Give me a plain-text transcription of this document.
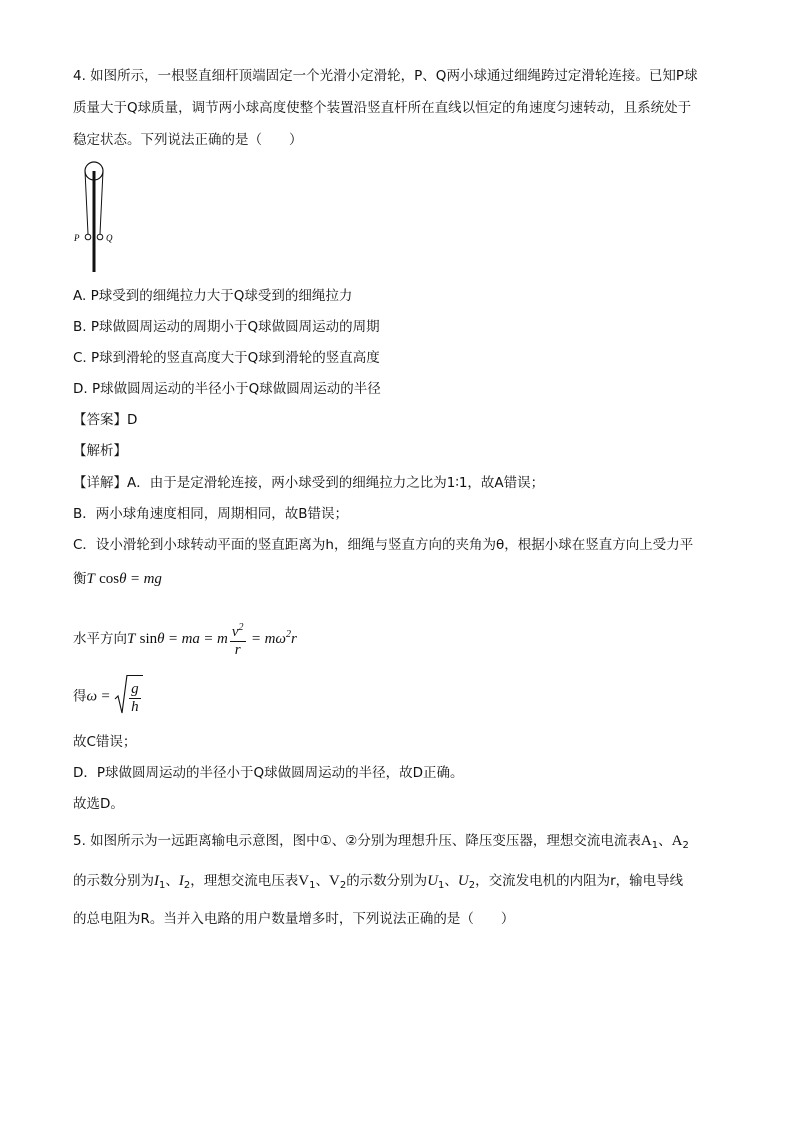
4. 如图所示，一根竖直细杆顶端固定一个光滑小定滑轮，P、Q两小球通过细绳跨过定滑轮连接。已知P球
质量大于Q球质量，调节两小球高度使整个装置沿竖直杆所在直线以恒定的角速度匀速转动，且系统处于
稳定状态。下列说法正确的是（　　）
P	Q
A. P球受到的细绳拉力大于Q球受到的细绳拉力
B. P球做圆周运动的周期小于Q球做圆周运动的周期
C. P球到滑轮的竖直高度大于Q球到滑轮的竖直高度
D. P球做圆周运动的半径小于Q球做圆周运动的半径
【答案】D
【解析】
【详解】A．由于是定滑轮连接，两小球受到的细绳拉力之比为1∶1，故A错误；
B．两小球角速度相同，周期相同，故B错误；
C．设小滑轮到小球转动平面的竖直距离为h，细绳与竖直方向的夹角为θ，根据小球在竖直方向上受力平
衡T cosθ = mg
水平方向T sinθ = ma = m $\frac{v^2}{r} = m\omega^2r$
得$\omega = \frac{g}{h}$
故C错误；
D．P球做圆周运动的半径小于Q球做圆周运动的半径，故D正确。
故选D。
5. 如图所示为一远距离输电示意图，图中①、②分别为理想升压、降压变压器，理想交流电流表$A_1$、$A_2$
的示数分别为$I_1$、$I_2$，理想交流电压表$V_1$、$V_2$的示数分别为$U_1$、$U_2$，交流发电机的内阻为r，输电导线
的总电阻为R。当并入电路的用户数量增多时，下列说法正确的是（　　）
